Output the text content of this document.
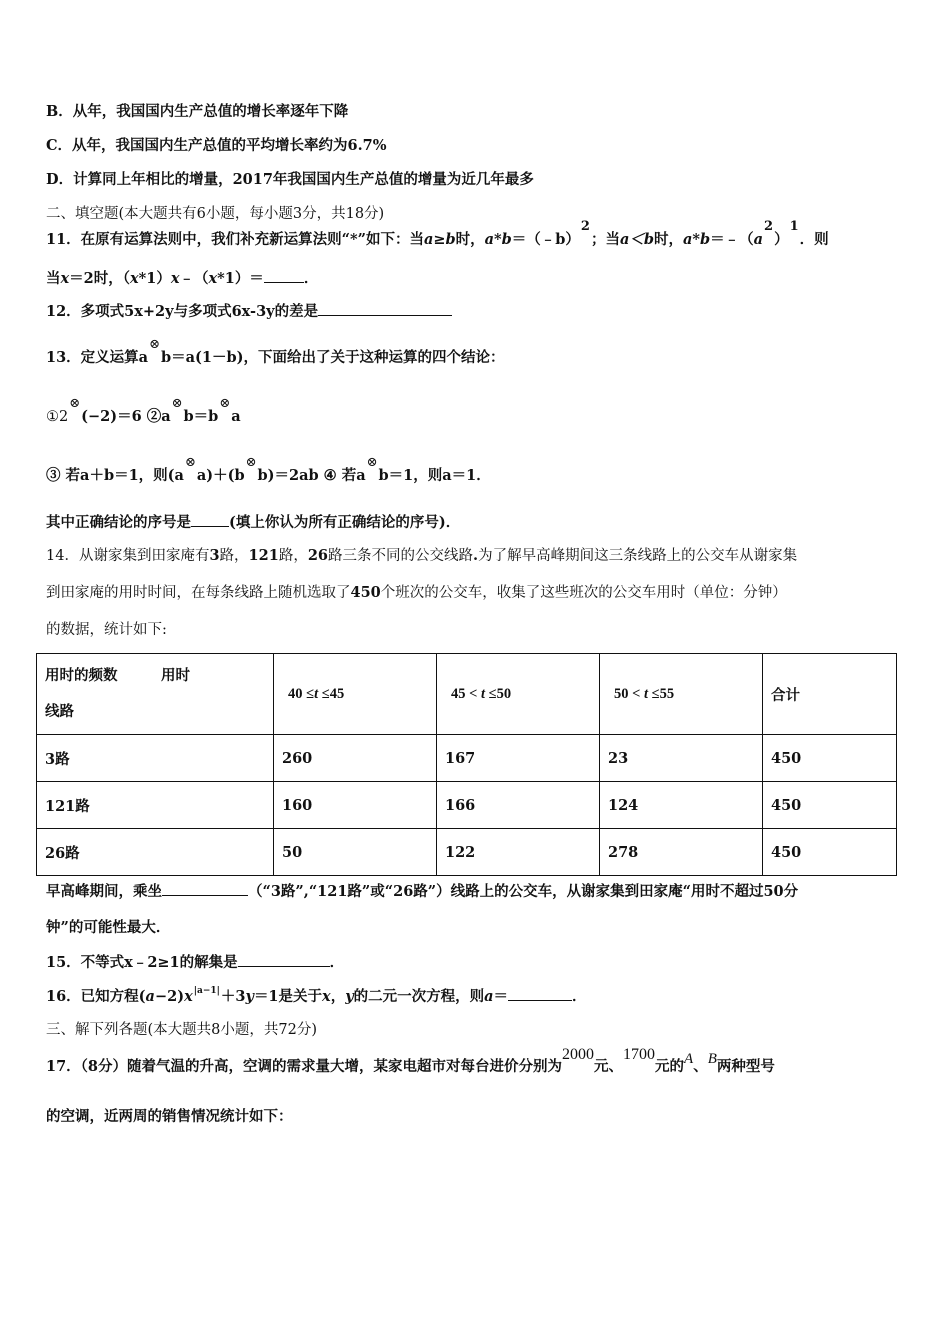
B．从年，我国国内生产总值的增长率逐年下降
C．从年，我国国内生产总值的平均增长率约为6.7%
D．计算同上年相比的增量，2017年我国国内生产总值的增量为近几年最多
二、填空题(本大题共有6小题，每小题3分，共18分)
11．在原有运算法则中，我们补充新运算法则“*”如下：当a≥b时，a*b＝（﹣b）2；当a＜b时，a*b＝﹣（a2）1．则
当x＝2时，（x*1）x﹣（x*1）＝	．
12．多项式5x+2y与多项式6x-3y的差是
13．定义运算a⊗b＝a(1－b)，下面给出了关于这种运算的四个结论：
①2⊗(−2)＝6 ②a⊗b＝b⊗a
③ 若a＋b＝1，则(a⊗a)＋(b⊗b)＝2ab ④ 若a⊗b＝1，则a＝1．
其中正确结论的序号是	(填上你认为所有正确结论的序号)．
14．从谢家集到田家庵有3路，121路，26路三条不同的公交线路.为了解早高峰期间这三条线路上的公交车从谢家集
到田家庵的用时时间，在每条线路上随机选取了450个班次的公交车，收集了这些班次的公交车用时（单位：分钟）
的数据，统计如下:
用时的频数　　　用时
线路	40 ≤t ≤45	45 < t ≤50	50 < t ≤55	合计
3路	260	167	23	450
121路	160	166	124	450
26路	50	122	278	450
早高峰期间，乘坐	（“3路”,“121路”或“26路”）线路上的公交车，从谢家集到田家庵“用时不超过50分
钟”的可能性最大．
15．不等式x﹣2≥1的解集是	．
16．已知方程$(a-2)x^{|a-1|}+3y=1$是关于x，y的二元一次方程，则a＝	．
三、解下列各题(本大题共8小题，共72分)
17．（8分）随着气温的升高，空调的需求量大增，某家电超市对每台进价分别为2000元、1700元的A、B两种型号
的空调，近两周的销售情况统计如下：
